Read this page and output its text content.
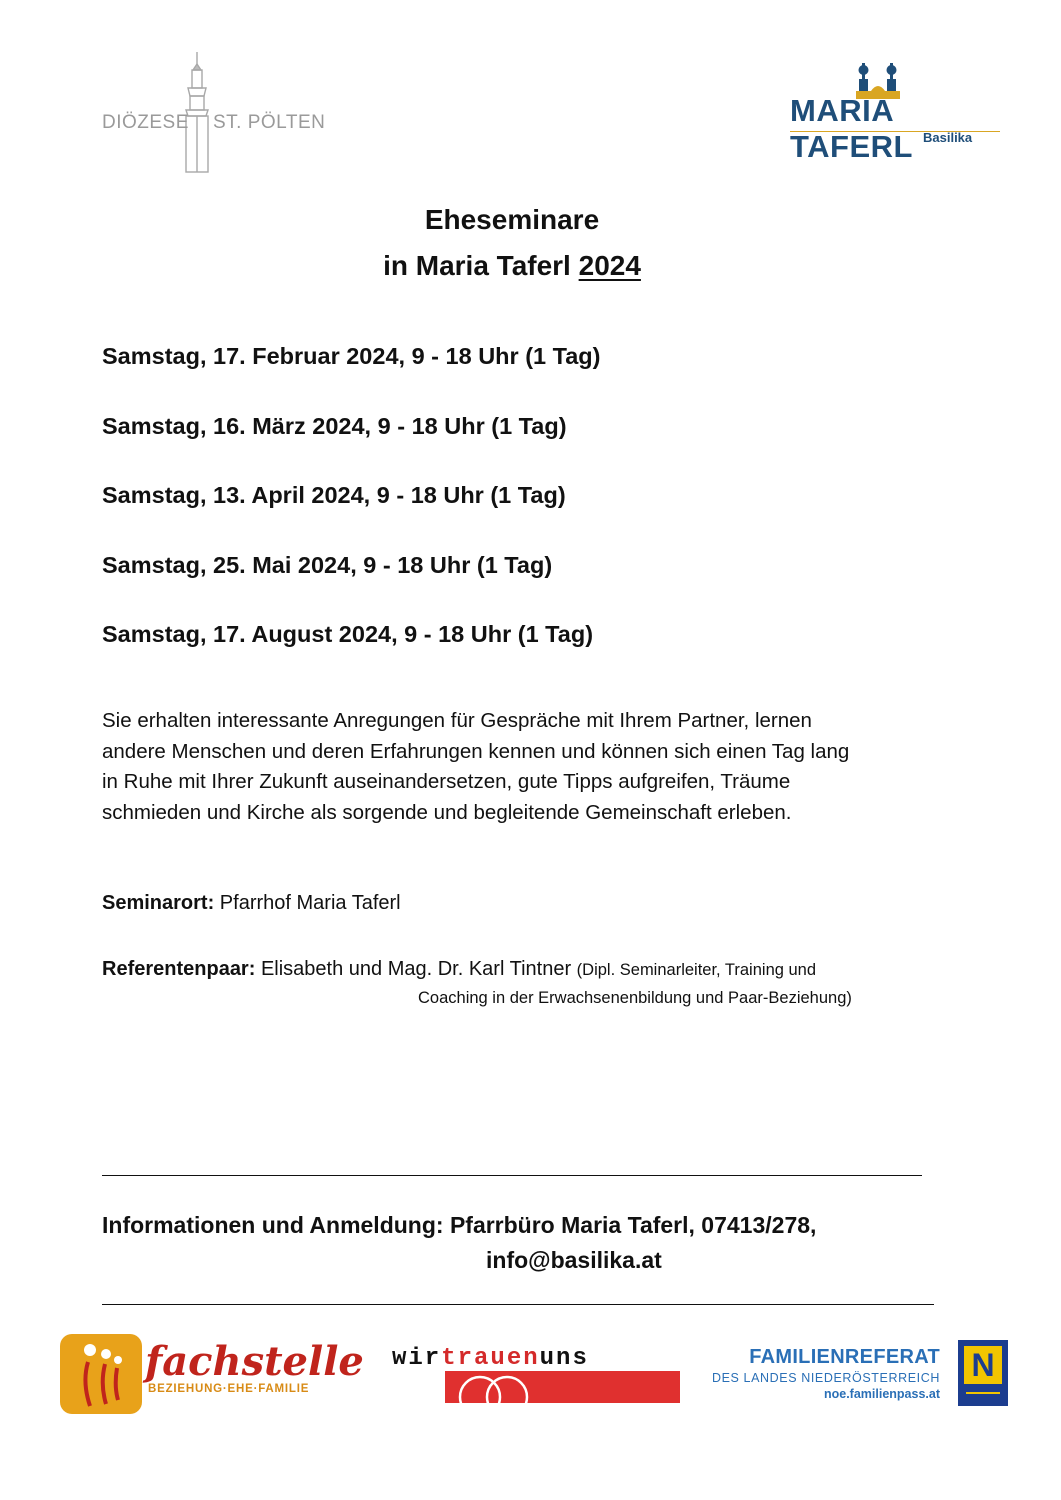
DIÖZESE ST. PÖLTEN	MARIA TAFERL Basilika
Eheseminare
in Maria Taferl 2024
Samstag, 17. Februar 2024, 9 - 18 Uhr (1 Tag)
Samstag, 16. März 2024, 9 - 18 Uhr (1 Tag)
Samstag, 13. April 2024, 9 - 18 Uhr (1 Tag)
Samstag, 25. Mai 2024, 9 - 18 Uhr (1 Tag)
Samstag, 17. August 2024, 9 - 18 Uhr (1 Tag)
Sie erhalten interessante Anregungen für Gespräche mit Ihrem Partner, lernen
andere Menschen und deren Erfahrungen kennen und können sich einen Tag lang
in Ruhe mit Ihrer Zukunft auseinandersetzen, gute Tipps aufgreifen, Träume
schmieden und Kirche als sorgende und begleitende Gemeinschaft erleben.
Seminarort: Pfarrhof Maria Taferl
Referentenpaar: Elisabeth und Mag. Dr. Karl Tintner (Dipl. Seminarleiter, Training und
Coaching in der Erwachsenenbildung und Paar-Beziehung)
Informationen und Anmeldung: Pfarrbüro Maria Taferl, 07413/278,
info@basilika.at
fachstelle
BEZIEHUNG·EHE·FAMILIE
wirtrauenuns	FAMILIENREFERAT
DES LANDES NIEDERÖSTERREICH
noe.familienpass.at
N
